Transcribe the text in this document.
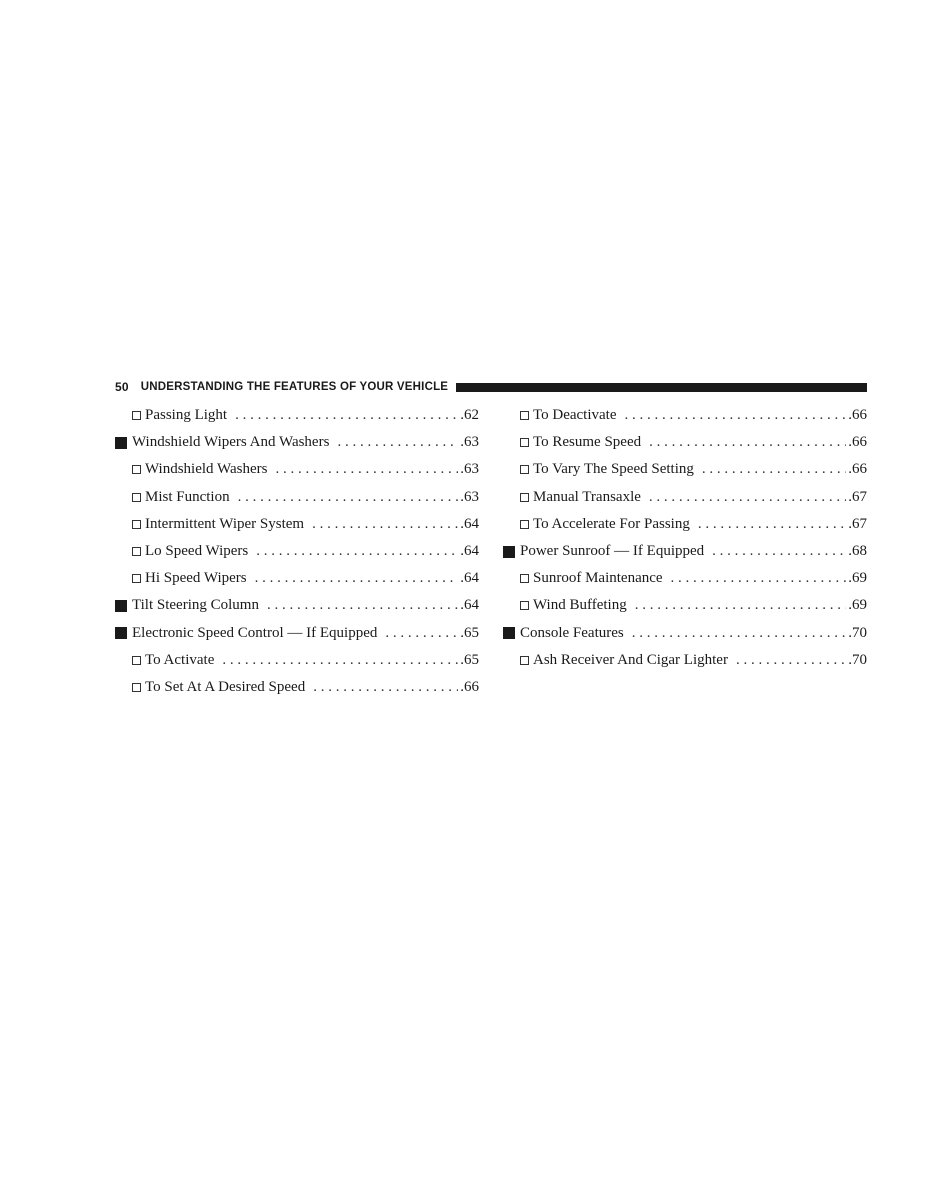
50 UNDERSTANDING THE FEATURES OF YOUR VEHICLE
Passing Light . . .	.62
Windshield Wipers And Washers . . .	.63
Windshield Washers . . .	.63
Mist Function . . .	.63
Intermittent Wiper System . . .	.64
Lo Speed Wipers . . .	.64
Hi Speed Wipers . . .	.64
Tilt Steering Column . . .	.64
Electronic Speed Control — If Equipped . . .	.65
To Activate . . .	.65
To Set At A Desired Speed . . .	.66
To Deactivate . . .	.66
To Resume Speed . . .	.66
To Vary The Speed Setting . . .	.66
Manual Transaxle . . .	.67
To Accelerate For Passing . . .	.67
Power Sunroof — If Equipped . . .	.68
Sunroof Maintenance . . .	.69
Wind Buffeting . . .	.69
Console Features . . .	.70
Ash Receiver And Cigar Lighter . . .	.70
